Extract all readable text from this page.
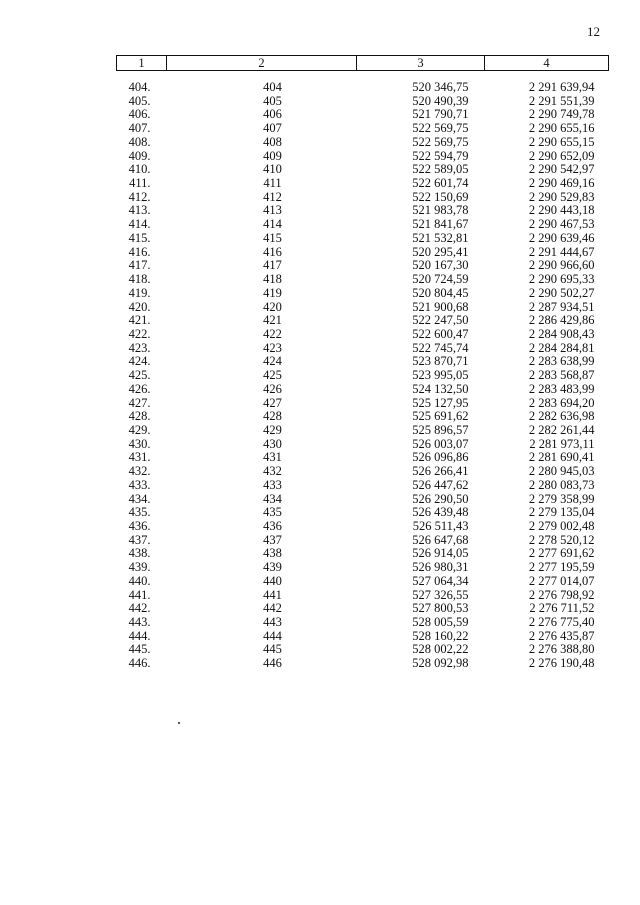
12
1	2	3	4
404.	404	520 346,75	2 291 639,94
405.	405	520 490,39	2 291 551,39
406.	406	521 790,71	2 290 749,78
407.	407	522 569,75	2 290 655,16
408.	408	522 569,75	2 290 655,15
409.	409	522 594,79	2 290 652,09
410.	410	522 589,05	2 290 542,97
411.	411	522 601,74	2 290 469,16
412.	412	522 150,69	2 290 529,83
413.	413	521 983,78	2 290 443,18
414.	414	521 841,67	2 290 467,53
415.	415	521 532,81	2 290 639,46
416.	416	520 295,41	2 291 444,67
417.	417	520 167,30	2 290 966,60
418.	418	520 724,59	2 290 695,33
419.	419	520 804,45	2 290 502,27
420.	420	521 900,68	2 287 934,51
421.	421	522 247,50	2 286 429,86
422.	422	522 600,47	2 284 908,43
423.	423	522 745,74	2 284 284,81
424.	424	523 870,71	2 283 638,99
425.	425	523 995,05	2 283 568,87
426.	426	524 132,50	2 283 483,99
427.	427	525 127,95	2 283 694,20
428.	428	525 691,62	2 282 636,98
429.	429	525 896,57	2 282 261,44
430.	430	526 003,07	2 281 973,11
431.	431	526 096,86	2 281 690,41
432.	432	526 266,41	2 280 945,03
433.	433	526 447,62	2 280 083,73
434.	434	526 290,50	2 279 358,99
435.	435	526 439,48	2 279 135,04
436.	436	526 511,43	2 279 002,48
437.	437	526 647,68	2 278 520,12
438.	438	526 914,05	2 277 691,62
439.	439	526 980,31	2 277 195,59
440.	440	527 064,34	2 277 014,07
441.	441	527 326,55	2 276 798,92
442.	442	527 800,53	2 276 711,52
443.	443	528 005,59	2 276 775,40
444.	444	528 160,22	2 276 435,87
445.	445	528 002,22	2 276 388,80
446.	446	528 092,98	2 276 190,48
